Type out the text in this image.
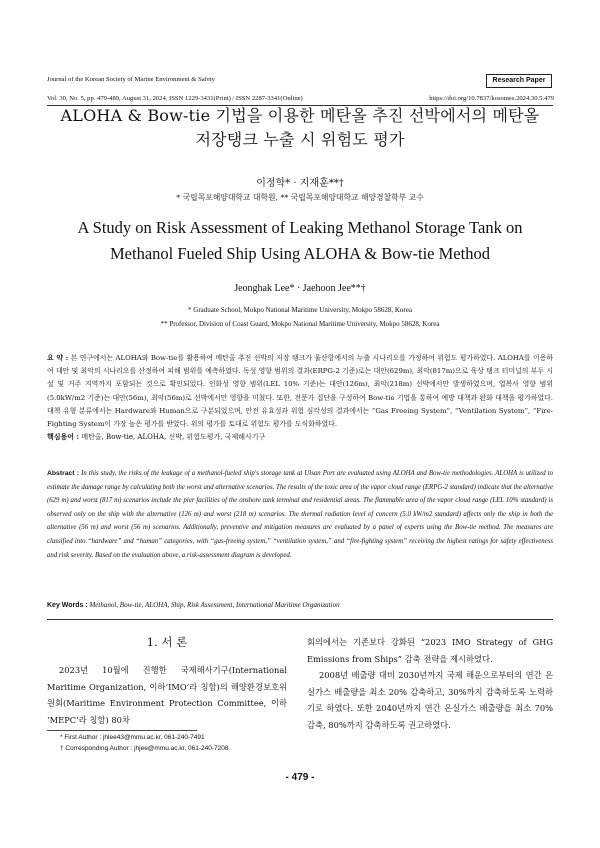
Journal of the Korean Society of Marine Environment & Safety	Research Paper
Vol. 30, No. 5, pp. 479-489, August 31, 2024, ISSN 1229-3431(Print) / ISSN 2287-3341(Online)	https://doi.org/10.7837/kosomes.2024.30.5.479
ALOHA & Bow-tie 기법을 이용한 메탄올 추진 선박에서의 메탄올
저장탱크 누출 시 위험도 평가
이정학* · 지재훈**†
* 국립목포해양대학교 대학원, ** 국립목포해양대학교 해양경찰학부 교수
A Study on Risk Assessment of Leaking Methanol Storage Tank on
Methanol Fueled Ship Using ALOHA & Bow-tie Method
Jeonghak Lee* · Jaehoon Jee**†
* Graduate School, Mokpo National Maritime University, Mokpo 58628, Korea
** Professor, Division of Coast Guard, Mokpo National Maritime University, Mokpo 58628, Korea
요 약 : 본 연구에서는 ALOHA와 Bow-tie를 활용하여 메탄올 추진 선박의 저장 탱크가 울산항에서의 누출 시나리오를 가정하여 위험도 평가하였다. ALOHA를 이용하여 대안 및 최악의 시나리오를 산정하여 피해 범위를 예측하였다. 독성 영향 범위의 결과(ERPG-2 기준)로는 대안(629m), 최악(817m)으로 육상 탱크 터미널의 부두 시설 및 거주 지역까지 포함되는 것으로 확인되었다. 인화성 영향 범위(LEL 10% 기준)는 대안(126m), 최악(218m) 선박에서만 발생하였으며, 열복사 영향 범위(5.0kW/m2 기준)는 대안(56m), 최악(56m)로 선박에서만 영향을 미쳤다. 또한, 전문가 집단을 구성하여 Bow-tie 기법을 통하여 예방 대책과 완화 대책을 평가하였다. 대책 유형 분류에서는 Hardware와 Human으로 구분되었으며, 안전 유효성과 위험 심각성의 결과에서는 “Gas Freeing System”, “Ventilation System”, “Fire-Fighting System이 가장 높은 평가를 받았다. 위의 평가를 토대로 위험도 평가를 도식화하였다.
핵심용어 : 메탄올, Bow-tie, ALOHA, 선박, 위험도평가, 국제해사기구
Abstract : In this study, the risks of the leakage of a methanol-fueled ship's storage tank at Ulsan Port are evaluated using ALOHA and Bow-tie methodologies. ALOHA is utilized to estimate the damage range by calculating both the worst and alternative scenarios. The results of the toxic area of the vapor cloud range (ERPG-2 standard) indicate that the alternative (629 m) and worst (817 m) scenarios include the pier facilities of the onshore tank terminal and residential areas. The flammable area of the vapor cloud range (LEL 10% standard) is observed only on the ship with the alternative (126 m) and worst (218 m) scenarios. The thermal radiation level of concern (5.0 kW/m2 standard) affects only the ship in both the alternative (56 m) and worst (56 m) scenarios. Additionally, preventive and mitigation measures are evaluated by a panel of experts using the Bow-tie method. The measures are classified into “hardware” and “human” categories, with “gas-freeing system,” “ventilation system,” and “fire-fighting system” receiving the highest ratings for safety effectiveness and risk severity. Based on the evaluation above, a risk-assessment diagram is developed.
Key Words : Methanol, Bow-tie, ALOHA, Ship, Risk Assessment, International Maritime Organization
1. 서 론

2023년 10월에 진행한 국제해사기구(International Maritime Organization, 이하‘IMO’라 칭함)의 해양환경보호위원회(Maritime Environment Protection Committee, 이하 ‘MEPC’라 칭함) 80차

회의에서는 기존보다 강화된 “2023 IMO Strategy of GHG Emissions from Ships” 감축 전략을 제시하였다.

2008년 배출량 대비 2030년까지 국제 해운으로부터의 연간 온실가스 배출량을 최소 20% 감축하고, 30%까지 감축하도록 노력하기로 하였다. 또한 2040년까지 연간 온실가스 배출량을 최소 70% 감축, 80%까지 감축하도록 권고하였다.

* First Author : jhlee43@mmu.ac.kr, 061-240-7491
† Corresponding Author : jhjee@mmu.ac.kr, 061-240-7208
- 479 -
